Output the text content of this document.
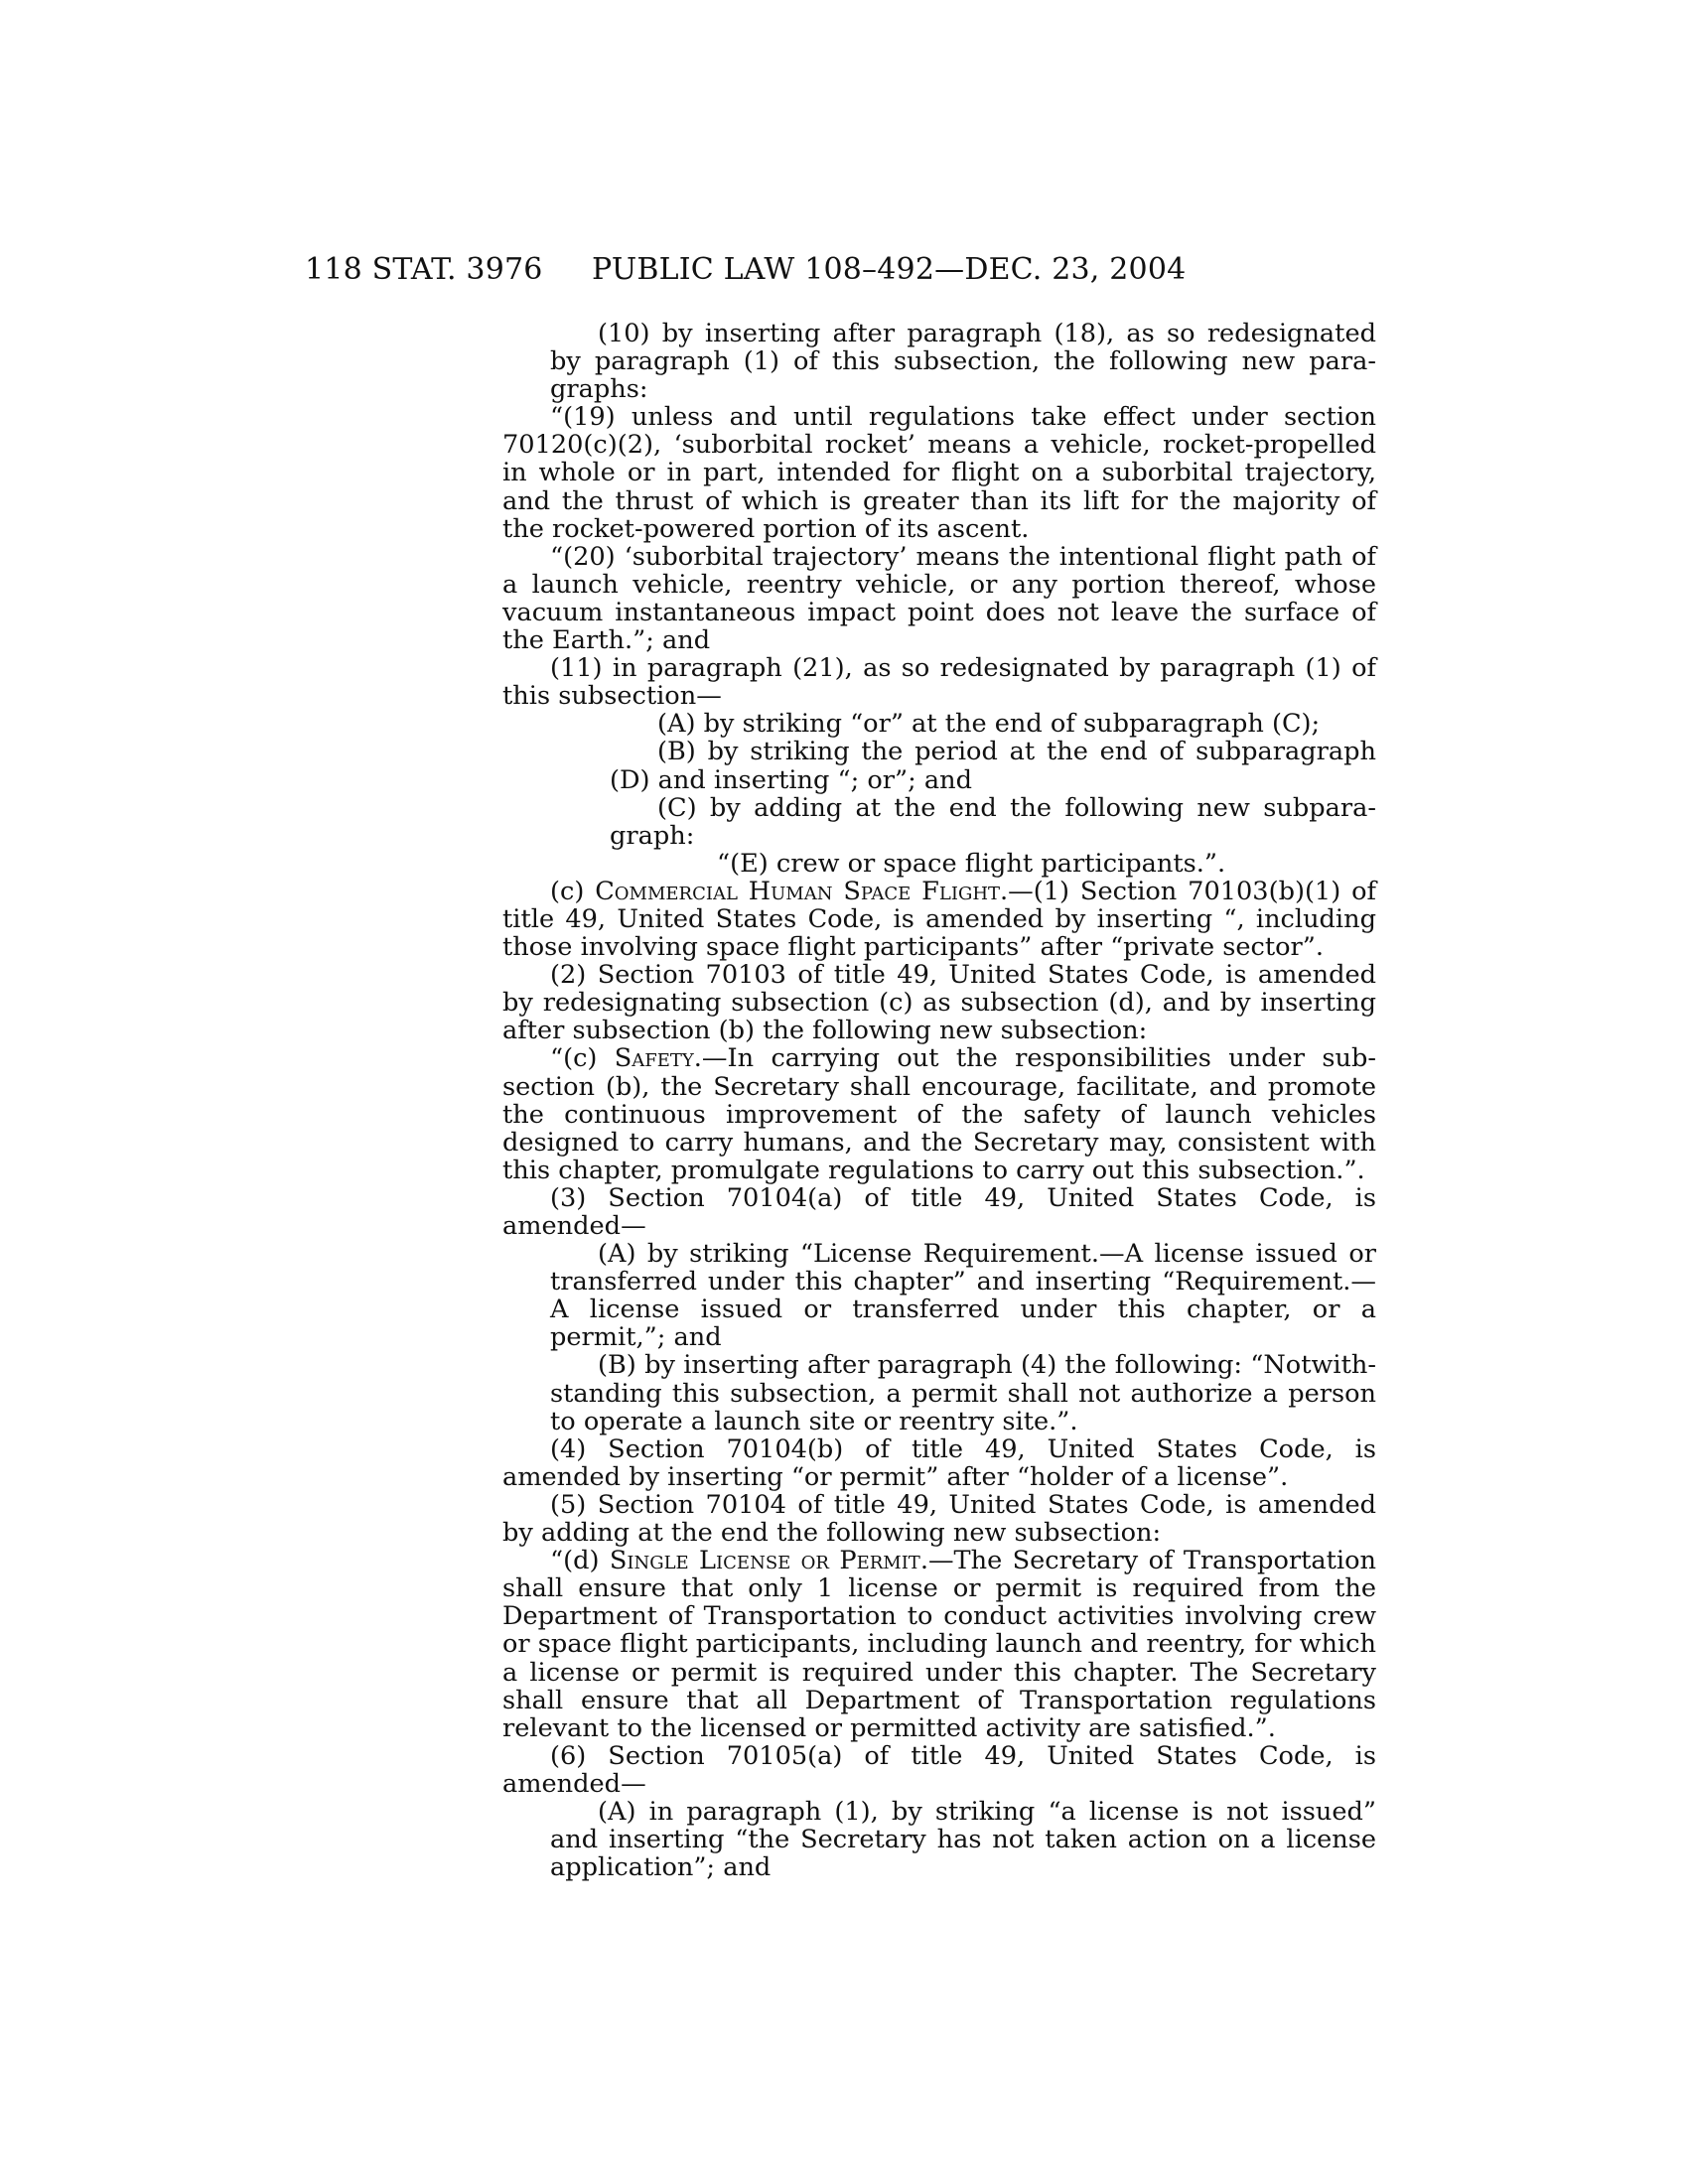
118 STAT. 3976 PUBLIC LAW 108–492—DEC. 23, 2004

(10) by inserting after paragraph (18), as so redesignated by paragraph (1) of this subsection, the following new paragraphs:

“(19) unless and until regulations take effect under section 70120(c)(2), ‘suborbital rocket’ means a vehicle, rocket-propelled in whole or in part, intended for flight on a suborbital trajectory, and the thrust of which is greater than its lift for the majority of the rocket-powered portion of its ascent.

“(20) ‘suborbital trajectory’ means the intentional flight path of a launch vehicle, reentry vehicle, or any portion thereof, whose vacuum instantaneous impact point does not leave the surface of the Earth.”; and

(11) in paragraph (21), as so redesignated by paragraph (1) of this subsection—

(A) by striking “or” at the end of subparagraph (C);

(B) by striking the period at the end of subparagraph (D) and inserting “; or”; and

(C) by adding at the end the following new subparagraph:

“(E) crew or space flight participants.”.

(c) Commercial Human Space Flight.—(1) Section 70103(b)(1) of title 49, United States Code, is amended by inserting “, including those involving space flight participants” after “private sector”.

(2) Section 70103 of title 49, United States Code, is amended by redesignating subsection (c) as subsection (d), and by inserting after subsection (b) the following new subsection:

“(c) Safety.—In carrying out the responsibilities under subsection (b), the Secretary shall encourage, facilitate, and promote the continuous improvement of the safety of launch vehicles designed to carry humans, and the Secretary may, consistent with this chapter, promulgate regulations to carry out this subsection.”.

(3) Section 70104(a) of title 49, United States Code, is amended—

(A) by striking “License Requirement.—A license issued or transferred under this chapter” and inserting “Requirement.—A license issued or transferred under this chapter, or a permit,”; and

(B) by inserting after paragraph (4) the following: “Notwithstanding this subsection, a permit shall not authorize a person to operate a launch site or reentry site.”.

(4) Section 70104(b) of title 49, United States Code, is amended by inserting “or permit” after “holder of a license”.

(5) Section 70104 of title 49, United States Code, is amended by adding at the end the following new subsection:

“(d) Single License or Permit.—The Secretary of Transportation shall ensure that only 1 license or permit is required from the Department of Transportation to conduct activities involving crew or space flight participants, including launch and reentry, for which a license or permit is required under this chapter. The Secretary shall ensure that all Department of Transportation regulations relevant to the licensed or permitted activity are satisfied.”.

(6) Section 70105(a) of title 49, United States Code, is amended—

(A) in paragraph (1), by striking “a license is not issued” and inserting “the Secretary has not taken action on a license application”; and
